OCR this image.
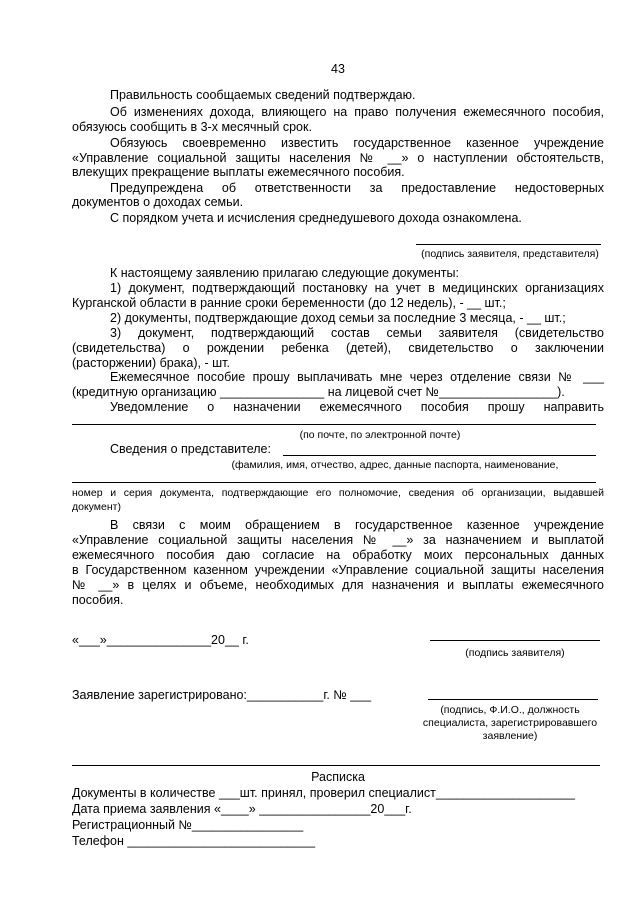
43
Правильность сообщаемых сведений подтверждаю.
Об изменениях дохода, влияющего на право получения ежемесячного пособия,
обязуюсь сообщить в 3-х месячный срок.
Обязуюсь своевременно известить государственное казенное учреждение
«Управление социальной защиты населения № __» о наступлении обстоятельств,
влекущих прекращение выплаты ежемесячного пособия.
Предупреждена об ответственности за предоставление недостоверных
документов о доходах семьи.
С порядком учета и исчисления среднедушевого дохода ознакомлена.
(подпись заявителя, представителя)
К настоящему заявлению прилагаю следующие документы:
1) документ, подтверждающий постановку на учет в медицинских организациях
Курганской области в ранние сроки беременности (до 12 недель), - __ шт.;
2) документы, подтверждающие доход семьи за последние 3 месяца, - __ шт.;
3) документ, подтверждающий состав семьи заявителя (свидетельство
(свидетельства) о рождении ребенка (детей), свидетельство о заключении
(расторжении) брака), - шт.
Ежемесячное пособие прошу выплачивать мне через отделение связи № ___
(кредитную организацию _______________ на лицевой счет №_________________).
Уведомление о назначении ежемесячного пособия прошу направить
(по почте, по электронной почте)
Сведения о представителе:
(фамилия, имя, отчество, адрес, данные паспорта, наименование,
номер и серия документа, подтверждающие его полномочие, сведения об организации, выдавшей
документ)
В связи с моим обращением в государственное казенное учреждение
«Управление социальной защиты населения № __» за назначением и выплатой
ежемесячного пособия даю согласие на обработку моих персональных данных
в Государственном казенном учреждении «Управление социальной защиты населения
№ __» в целях и объеме, необходимых для назначения и выплаты ежемесячного
пособия.
«___»_______________20__ г.
(подпись заявителя)
Заявление зарегистрировано:___________г. № ___
(подпись, Ф.И.О., должность
специалиста, зарегистрировавшего
заявление)
Расписка
Документы в количестве ___шт. принял, проверил специалист____________________
Дата приема заявления «____» ________________20___г.
Регистрационный №________________
Телефон ___________________________
